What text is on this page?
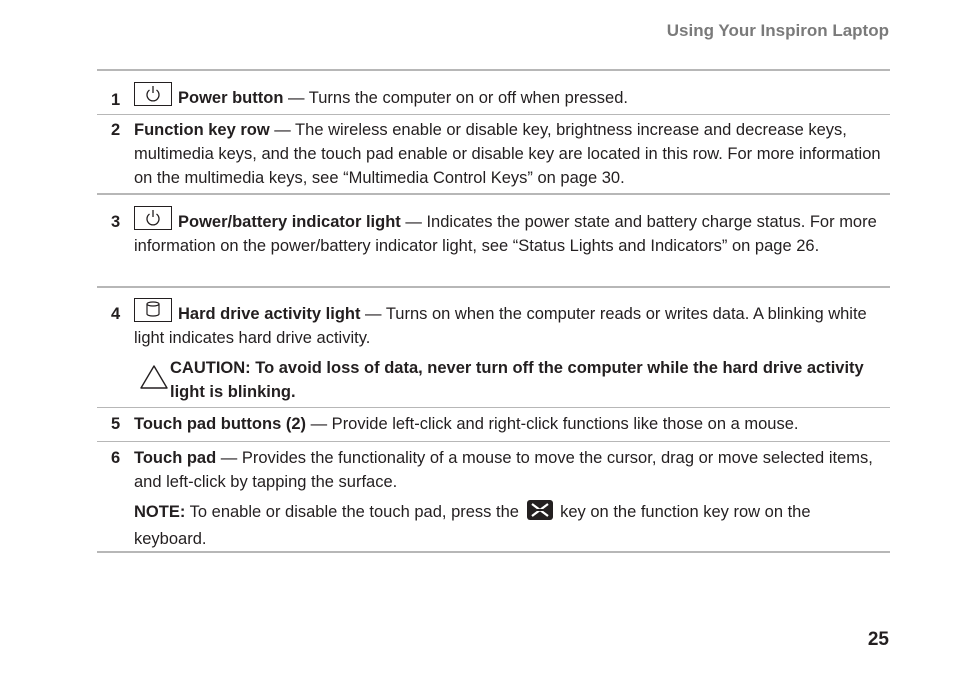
Using Your Inspiron Laptop
1	Power button — Turns the computer on or off when pressed.
2 Function key row — The wireless enable or disable key, brightness increase and decrease keys, multimedia keys, and the touch pad enable or disable key are located in this row. For more information on the multimedia keys, see “Multimedia Control Keys” on page 30.
3	Power/battery indicator light — Indicates the power state and battery charge status. For more information on the power/battery indicator light, see “Status Lights and Indicators” on page 26.
4	Hard drive activity light — Turns on when the computer reads or writes data. A blinking white light indicates hard drive activity.
CAUTION: To avoid loss of data, never turn off the computer while the hard drive activity light is blinking.
5 Touch pad buttons (2) — Provide left-click and right-click functions like those on a mouse.
6 Touch pad — Provides the functionality of a mouse to move the cursor, drag or move selected items, and left-click by tapping the surface.
NOTE: To enable or disable the touch pad, press the key on the function key row on the keyboard.
25
